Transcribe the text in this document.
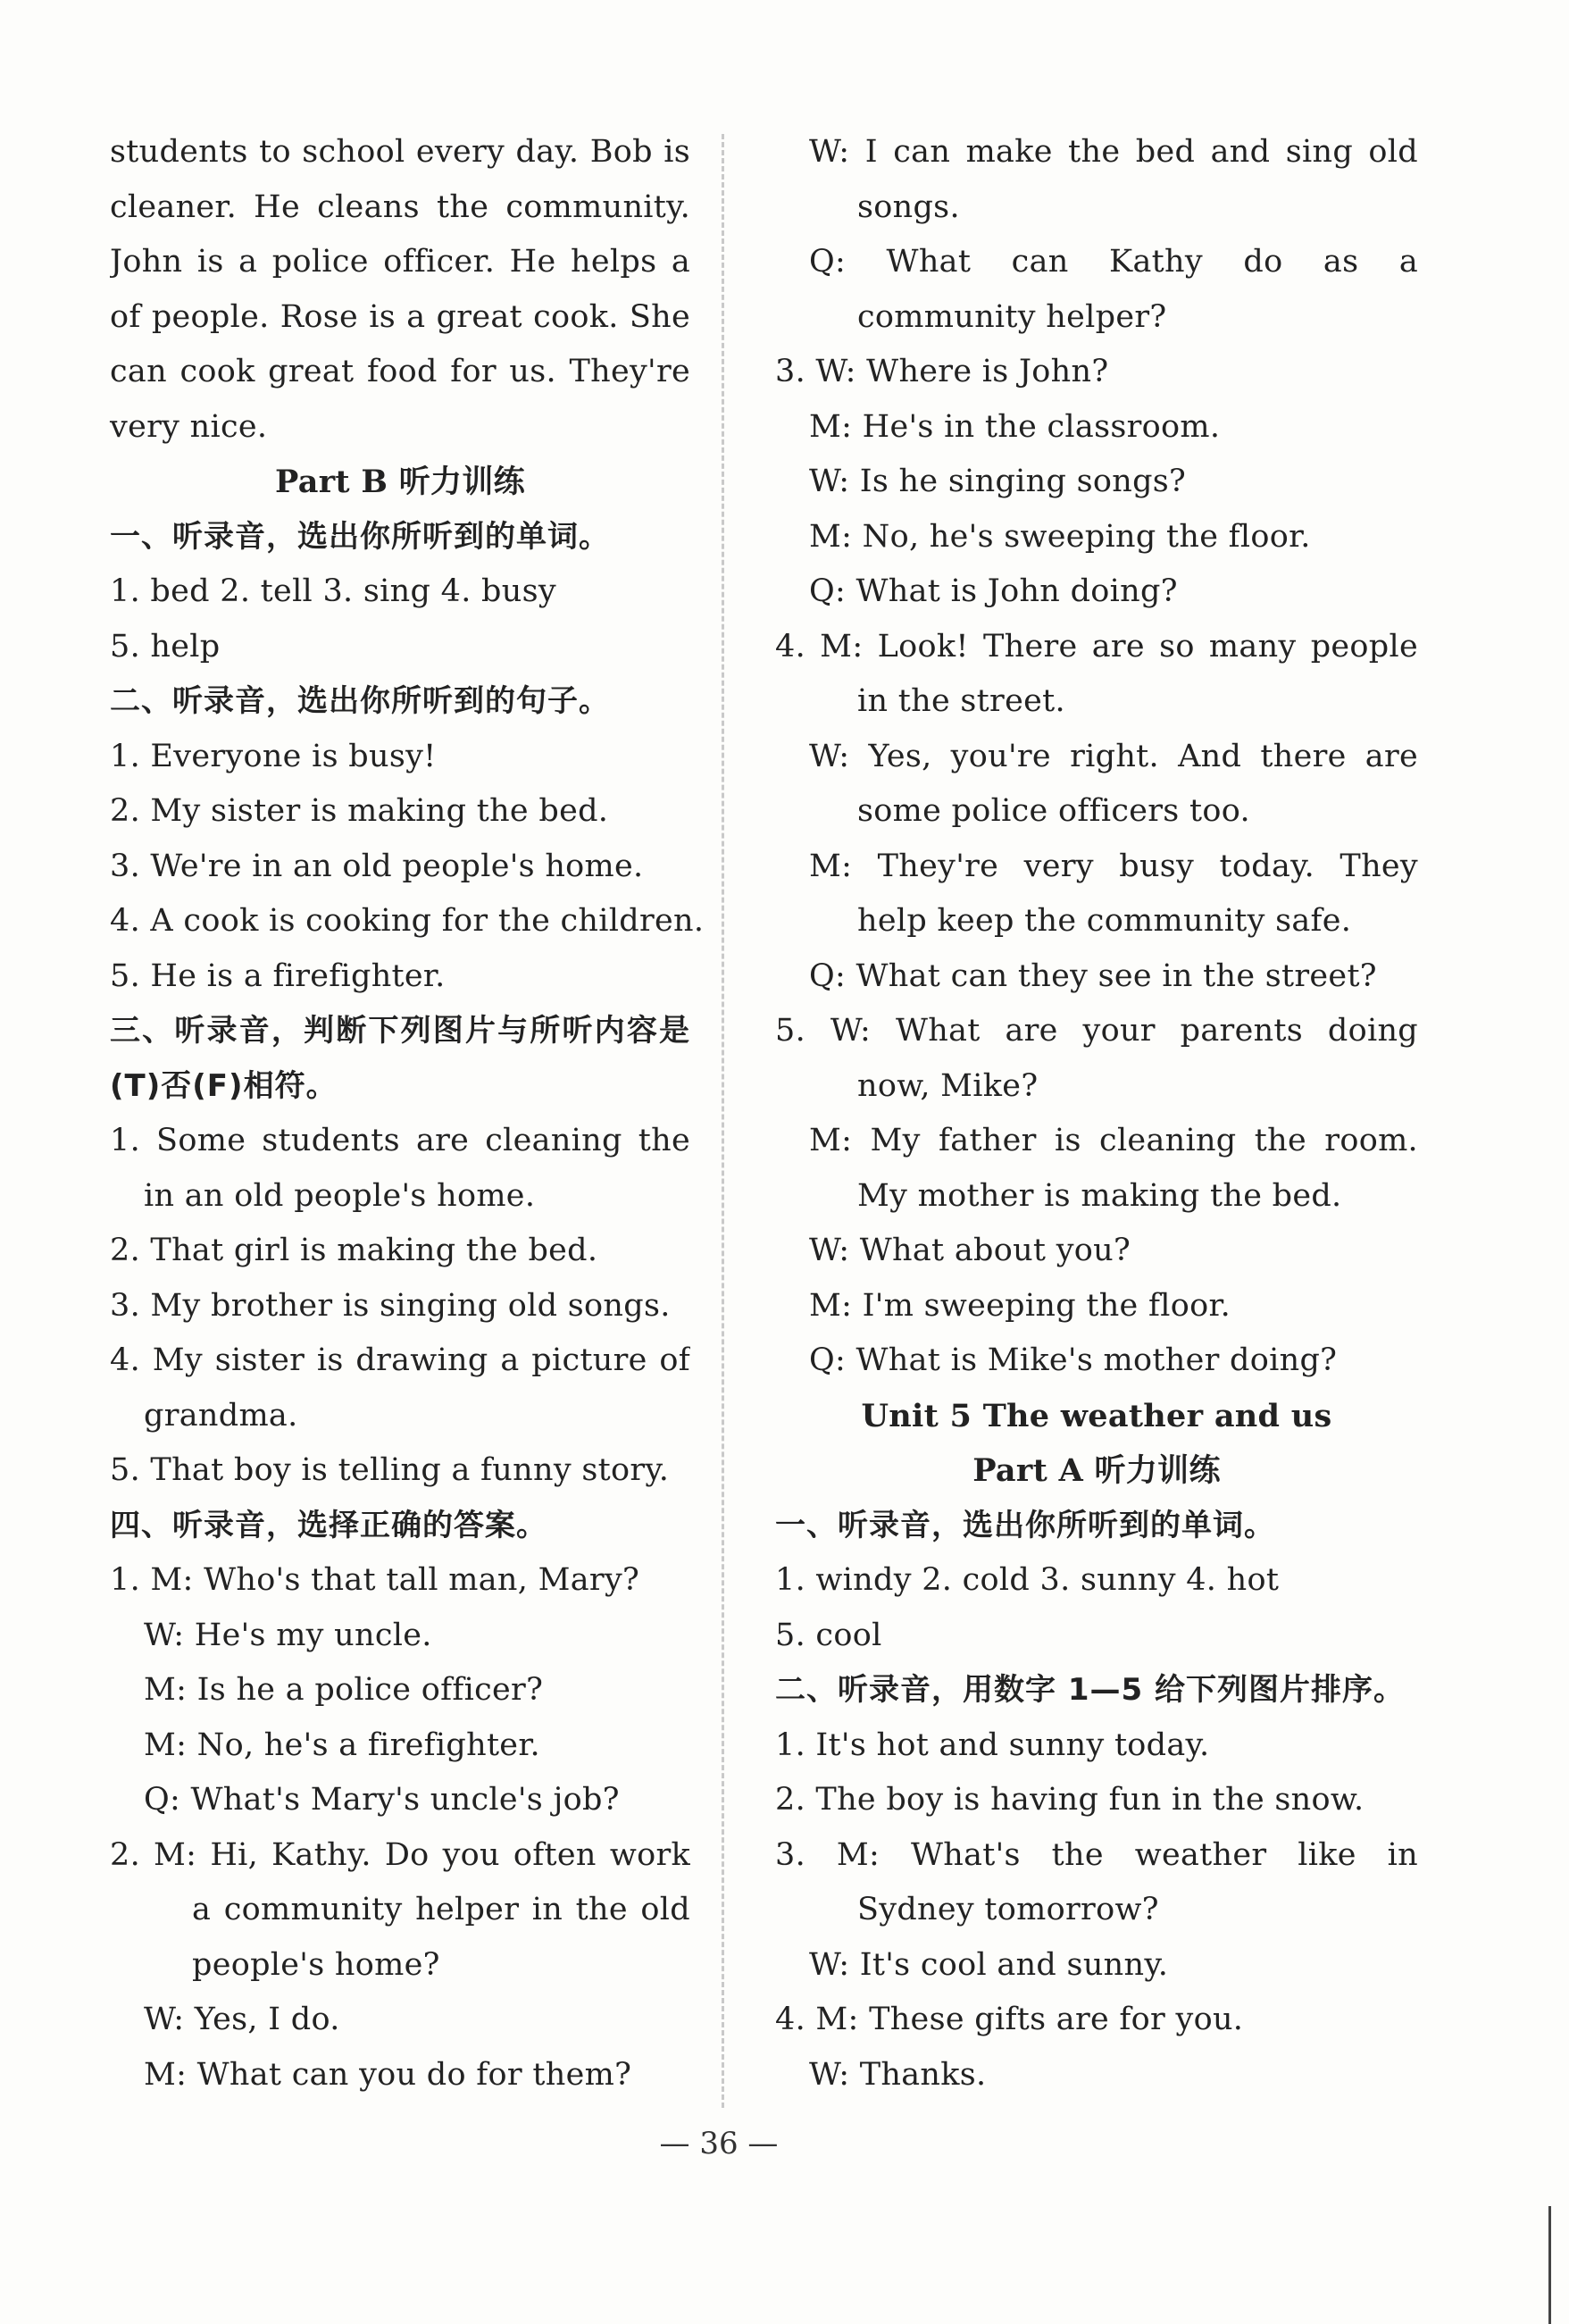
students to school every day. Bob is
cleaner. He cleans the community.
John is a police officer. He helps a
of people. Rose is a great cook. She
can cook great food for us. They're
very nice.
Part B 听力训练
一、听录音，选出你所听到的单词。
1. bed 2. tell 3. sing 4. busy
5. help
二、听录音，选出你所听到的句子。
1. Everyone is busy!
2. My sister is making the bed.
3. We're in an old people's home.
4. A cook is cooking for the children.
5. He is a firefighter.
三、听录音，判断下列图片与所听内容是
(T)否(F)相符。
1. Some students are cleaning the
in an old people's home.
2. That girl is making the bed.
3. My brother is singing old songs.
4. My sister is drawing a picture of
grandma.
5. That boy is telling a funny story.
四、听录音，选择正确的答案。
1. M: Who's that tall man, Mary?
W: He's my uncle.
M: Is he a police officer?
M: No, he's a firefighter.
Q: What's Mary's uncle's job?
2. M: Hi, Kathy. Do you often work
a community helper in the old
people's home?
W: Yes, I do.
M: What can you do for them?
W: I can make the bed and sing old
songs.
Q: What can Kathy do as a
community helper?
3. W: Where is John?
M: He's in the classroom.
W: Is he singing songs?
M: No, he's sweeping the floor.
Q: What is John doing?
4. M: Look! There are so many people
in the street.
W: Yes, you're right. And there are
some police officers too.
M: They're very busy today. They
help keep the community safe.
Q: What can they see in the street?
5. W: What are your parents doing
now, Mike?
M: My father is cleaning the room.
My mother is making the bed.
W: What about you?
M: I'm sweeping the floor.
Q: What is Mike's mother doing?
Unit 5 The weather and us
Part A 听力训练
一、听录音，选出你所听到的单词。
1. windy 2. cold 3. sunny 4. hot
5. cool
二、听录音，用数字 1—5 给下列图片排序。
1. It's hot and sunny today.
2. The boy is having fun in the snow.
3. M: What's the weather like in
Sydney tomorrow?
W: It's cool and sunny.
4. M: These gifts are for you.
W: Thanks.
— 36 —
